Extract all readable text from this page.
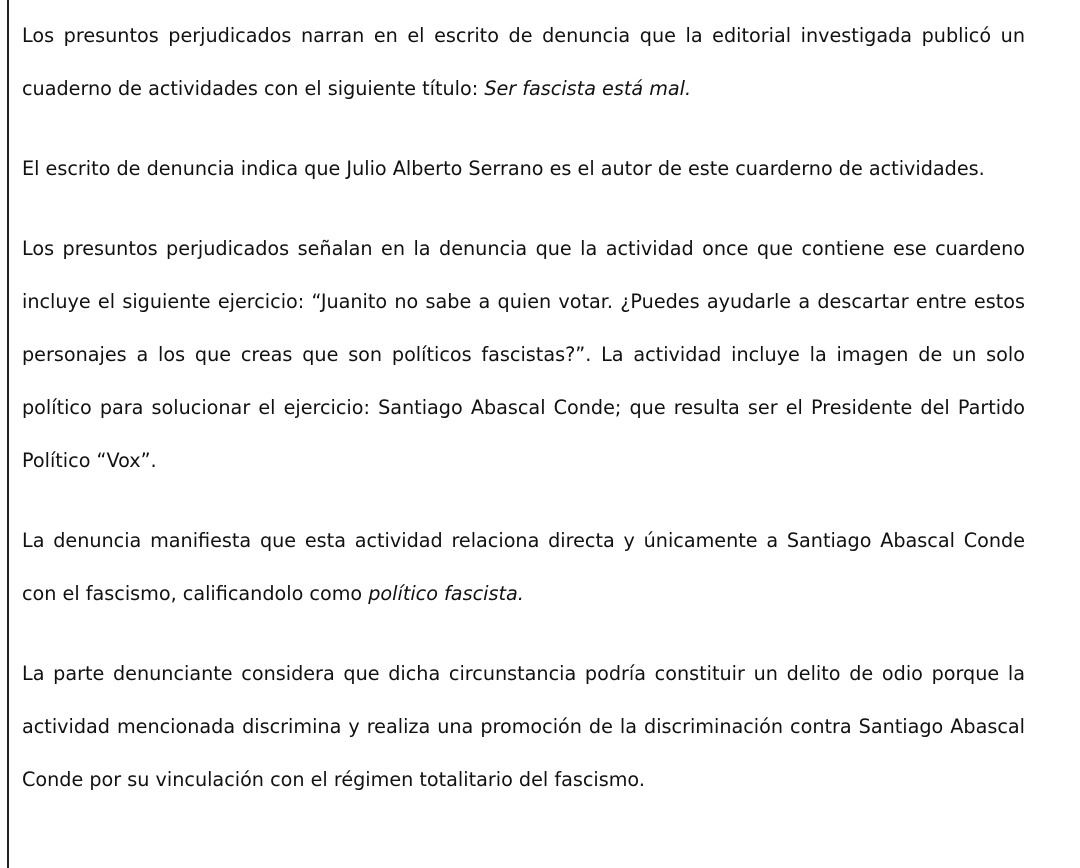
Los presuntos perjudicados narran en el escrito de denuncia que la editorial investigada publicó un cuaderno de actividades con el siguiente título: Ser fascista está mal.

El escrito de denuncia indica que Julio Alberto Serrano es el autor de este cuarderno de actividades.

Los presuntos perjudicados señalan en la denuncia que la actividad once que contiene ese cuardeno incluye el siguiente ejercicio: “Juanito no sabe a quien votar. ¿Puedes ayudarle a descartar entre estos personajes a los que creas que son políticos fascistas?”. La actividad incluye la imagen de un solo político para solucionar el ejercicio: Santiago Abascal Conde; que resulta ser el Presidente del Partido Político “Vox”.

La denuncia manifiesta que esta actividad relaciona directa y únicamente a Santiago Abascal Conde con el fascismo, calificandolo como político fascista.

La parte denunciante considera que dicha circunstancia podría constituir un delito de odio porque la actividad mencionada discrimina y realiza una promoción de la discriminación contra Santiago Abascal Conde por su vinculación con el régimen totalitario del fascismo.
